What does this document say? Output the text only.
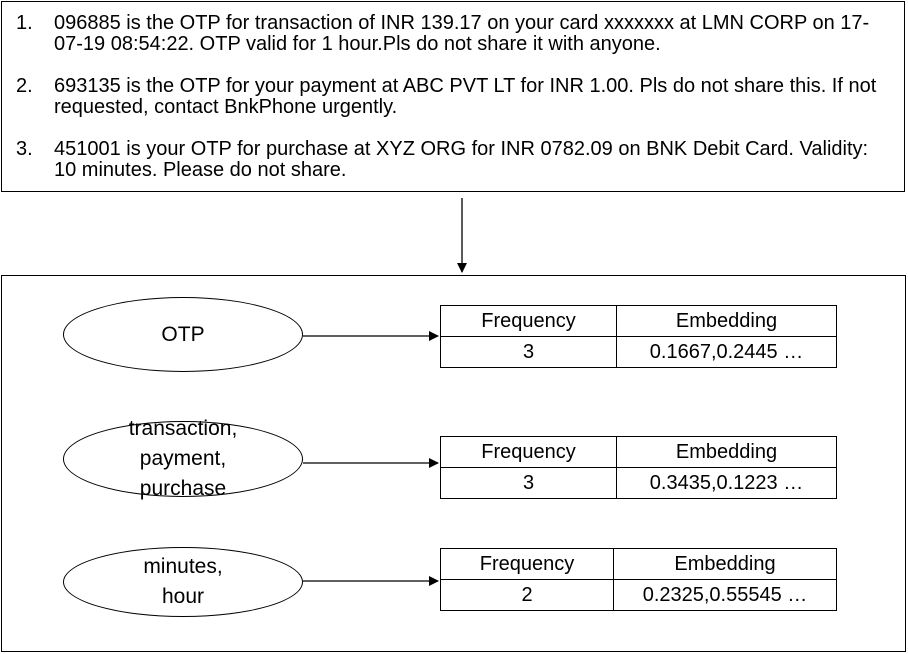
1.	096885 is the OTP for transaction of INR 139.17 on your card xxxxxxx at LMN CORP on 17-07-19 08:54:22. OTP valid for 1 hour.Pls do not share it with anyone.
2.	693135 is the OTP for your payment at ABC PVT LT for INR 1.00. Pls do not share this. If not requested, contact BnkPhone urgently.
3.	451001 is your OTP for purchase at XYZ ORG for INR 0782.09 on BNK Debit Card. Validity: 10 minutes. Please do not share.
OTP
transaction,
payment,
purchase
minutes,
hour
Frequency	Embedding
3	0.1667,0.2445 …
Frequency	Embedding
3	0.3435,0.1223 …
Frequency	Embedding
2	0.2325,0.55545 …
